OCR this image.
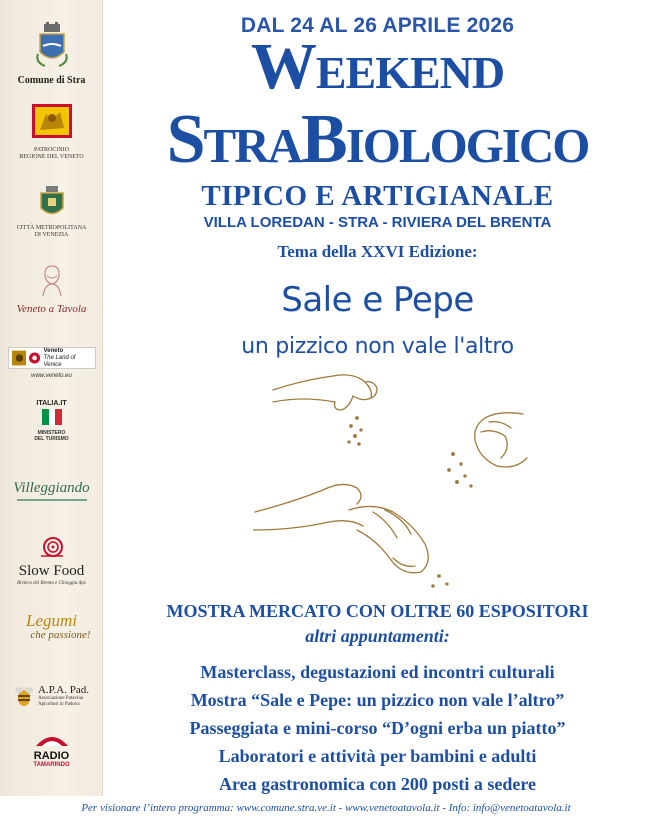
Comune di Stra
PATROCINIO
REGIONE DEL VENETO
CITTÀ METROPOLITANA
DI VENEZIA
Veneto a Tavola
Veneto
The Land of Venice
www.veneto.eu
ITALIA.IT
MINISTERO
DEL TURISMO
Villeggiando
Slow Food
Riviera del Brenta e Chioggia Aps
Legumi
che passione!
A.P.A. Pad.
Associazione Patavina
Apicoltori in Padova
RADIO
TAMARINDO
DAL 24 AL 26 APRILE 2026
Weekend
StraBiologico
TIPICO E ARTIGIANALE
VILLA LOREDAN - STRA - RIVIERA DEL BRENTA
Tema della XXVI Edizione:
Sale e Pepe
un pizzico non vale l'altro
MOSTRA MERCATO CON OLTRE 60 ESPOSITORI
altri appuntamenti:
Masterclass, degustazioni ed incontri culturali
Mostra “Sale e Pepe: un pizzico non vale l’altro”
Passeggiata e mini-corso “D’ogni erba un piatto”
Laboratori e attività per bambini e adulti
Area gastronomica con 200 posti a sedere
Per visionare l’intero programma: www.comune.stra.ve.it - www.venetoatavola.it - Info: info@venetoatavola.it
